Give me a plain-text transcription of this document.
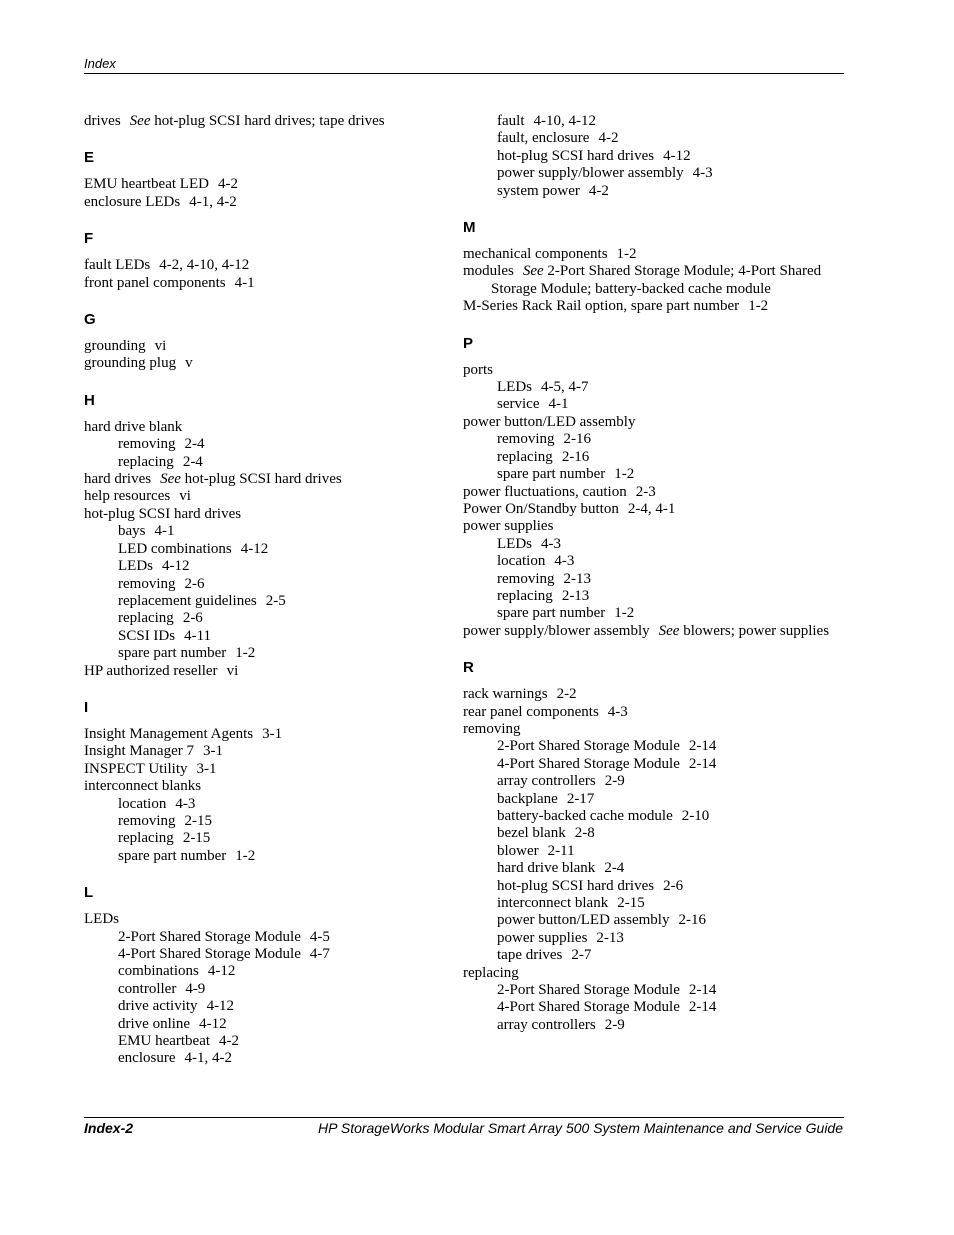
Index

drives See hot-plug SCSI hard drives; tape drives

E

EMU heartbeat LED 4-2

enclosure LEDs 4-1, 4-2

F

fault LEDs 4-2, 4-10, 4-12

front panel components 4-1

G

grounding vi

grounding plug v

H

hard drive blank

removing 2-4

replacing 2-4

hard drives See hot-plug SCSI hard drives

help resources vi

hot-plug SCSI hard drives

bays 4-1

LED combinations 4-12

LEDs 4-12

removing 2-6

replacement guidelines 2-5

replacing 2-6

SCSI IDs 4-11

spare part number 1-2

HP authorized reseller vi

I

Insight Management Agents 3-1

Insight Manager 7 3-1

INSPECT Utility 3-1

interconnect blanks

location 4-3

removing 2-15

replacing 2-15

spare part number 1-2

L

LEDs

2-Port Shared Storage Module 4-5

4-Port Shared Storage Module 4-7

combinations 4-12

controller 4-9

drive activity 4-12

drive online 4-12

EMU heartbeat 4-2

enclosure 4-1, 4-2

fault 4-10, 4-12

fault, enclosure 4-2

hot-plug SCSI hard drives 4-12

power supply/blower assembly 4-3

system power 4-2

M

mechanical components 1-2

modules See 2-Port Shared Storage Module; 4-Port Shared Storage Module; battery-backed cache module

M-Series Rack Rail option, spare part number 1-2

P

ports

LEDs 4-5, 4-7

service 4-1

power button/LED assembly

removing 2-16

replacing 2-16

spare part number 1-2

power fluctuations, caution 2-3

Power On/Standby button 2-4, 4-1

power supplies

LEDs 4-3

location 4-3

removing 2-13

replacing 2-13

spare part number 1-2

power supply/blower assembly See blowers; power supplies

R

rack warnings 2-2

rear panel components 4-3

removing

2-Port Shared Storage Module 2-14

4-Port Shared Storage Module 2-14

array controllers 2-9

backplane 2-17

battery-backed cache module 2-10

bezel blank 2-8

blower 2-11

hard drive blank 2-4

hot-plug SCSI hard drives 2-6

interconnect blank 2-15

power button/LED assembly 2-16

power supplies 2-13

tape drives 2-7

replacing

2-Port Shared Storage Module 2-14

4-Port Shared Storage Module 2-14

array controllers 2-9

Index-2	HP StorageWorks Modular Smart Array 500 System Maintenance and Service Guide
